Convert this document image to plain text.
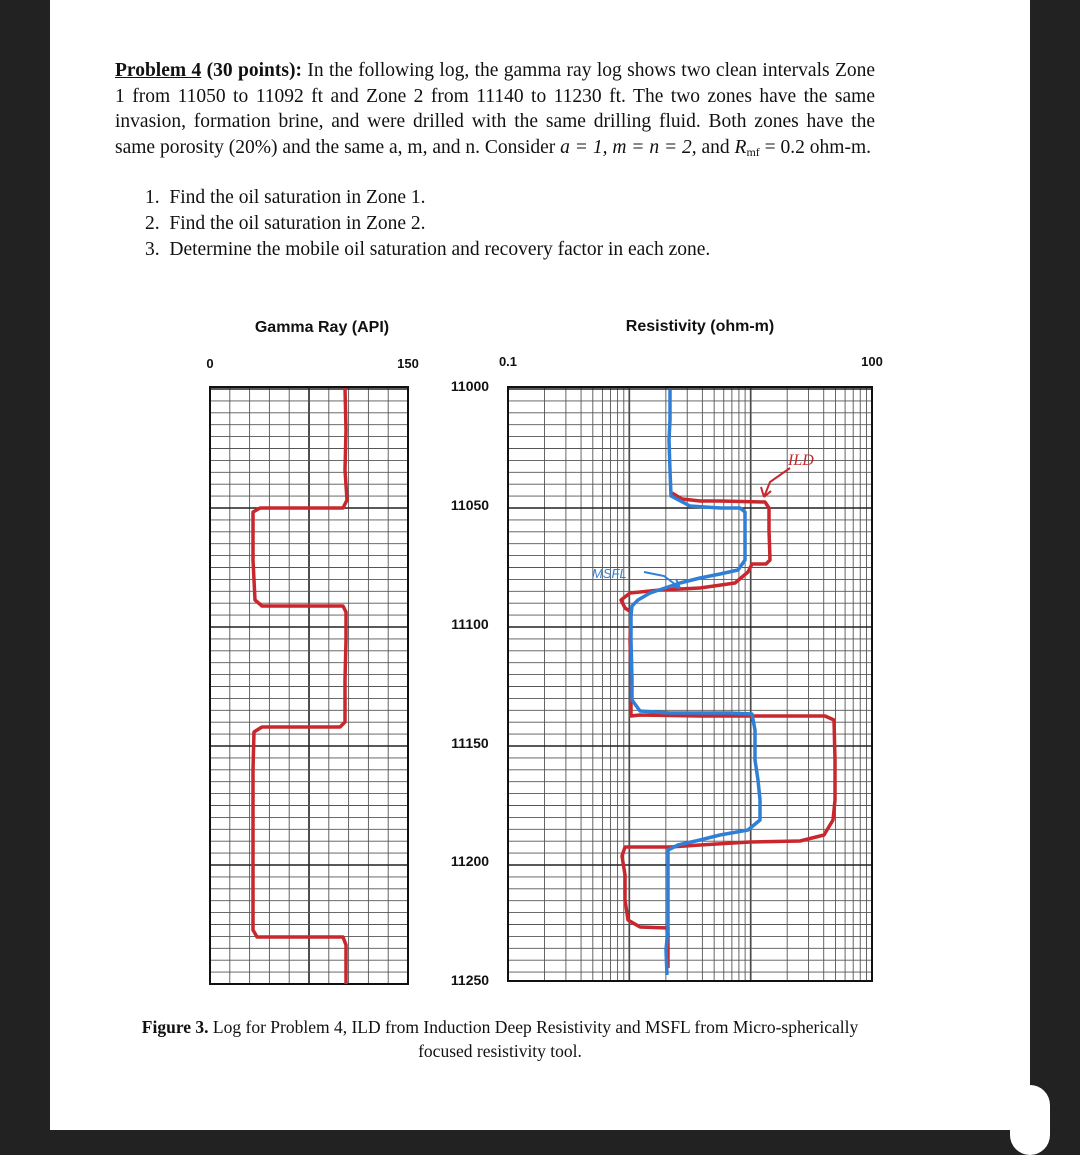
Problem 4 (30 points): In the following log, the gamma ray log shows two clean intervals Zone 1 from 11050 to 11092 ft and Zone 2 from 11140 to 11230 ft. The two zones have the same invasion, formation brine, and were drilled with the same drilling fluid. Both zones have the same porosity (20%) and the same a, m, and n. Consider a = 1, m = n = 2, and $R_{mf} = 0.2$ ohm-m.
1.  Find the oil saturation in Zone 1.
2.  Find the oil saturation in Zone 2.
3.  Determine the mobile oil saturation and recovery factor in each zone.
Gamma Ray (API)	Resistivity (ohm-m)
0	150	0.1	100
11000
11050
11100
11150
11200
11250
ILD
MSFL
Figure 3. Log for Problem 4, ILD from Induction Deep Resistivity and MSFL from Micro-spherically focused resistivity tool.
